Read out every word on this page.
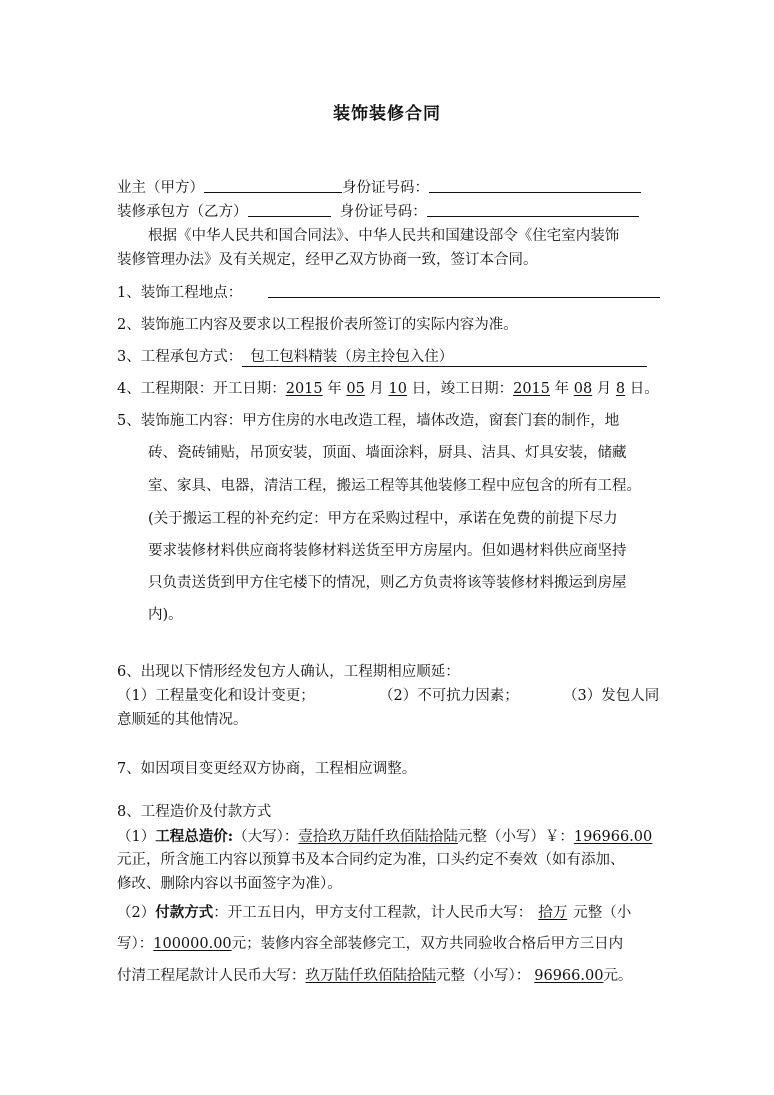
装饰装修合同
业主（甲方）	身份证号码：
装修承包方（乙方）	身份证号码：
根据《中华人民共和国合同法》、中华人民共和国建设部令《住宅室内装饰
装修管理办法》及有关规定，经甲乙双方协商一致，签订本合同。
1、装饰工程地点：
2、装饰施工内容及要求以工程报价表所签订的实际内容为准。
3、工程承包方式： 包工包料精装（房主拎包入住）
4、工程期限：开工日期：2015 年 05 月 10 日，竣工日期：2015 年 08 月 8 日。
5、装饰施工内容：甲方住房的水电改造工程，墙体改造，窗套门套的制作，地
砖、瓷砖铺贴，吊顶安装，顶面、墙面涂料，厨具、洁具、灯具安装，储藏
室、家具、电器，清洁工程，搬运工程等其他装修工程中应包含的所有工程。
(关于搬运工程的补充约定：甲方在采购过程中，承诺在免费的前提下尽力
要求装修材料供应商将装修材料送货至甲方房屋内。但如遇材料供应商坚持
只负责送货到甲方住宅楼下的情况，则乙方负责将该等装修材料搬运到房屋
内)。
6、出现以下情形经发包方人确认，工程期相应顺延：
（1）工程量变化和设计变更；	（2）不可抗力因素；	（3）发包人同
意顺延的其他情况。
7、如因项目变更经双方协商，工程相应调整。
8、工程造价及付款方式
（1）工程总造价:（大写）：壹拾玖万陆仟玖佰陆拾陆元整（小写）￥：196966.00
元正，所含施工内容以预算书及本合同约定为准，口头约定不奏效（如有添加、
修改、删除内容以书面签字为准）。
（2）付款方式：开工五日内，甲方支付工程款，计人民币大写： 拾万 元整（小
写）：100000.00元；装修内容全部装修完工，双方共同验收合格后甲方三日内
付清工程尾款计人民币大写：玖万陆仟玖佰陆拾陆元整（小写）： 96966.00元。
